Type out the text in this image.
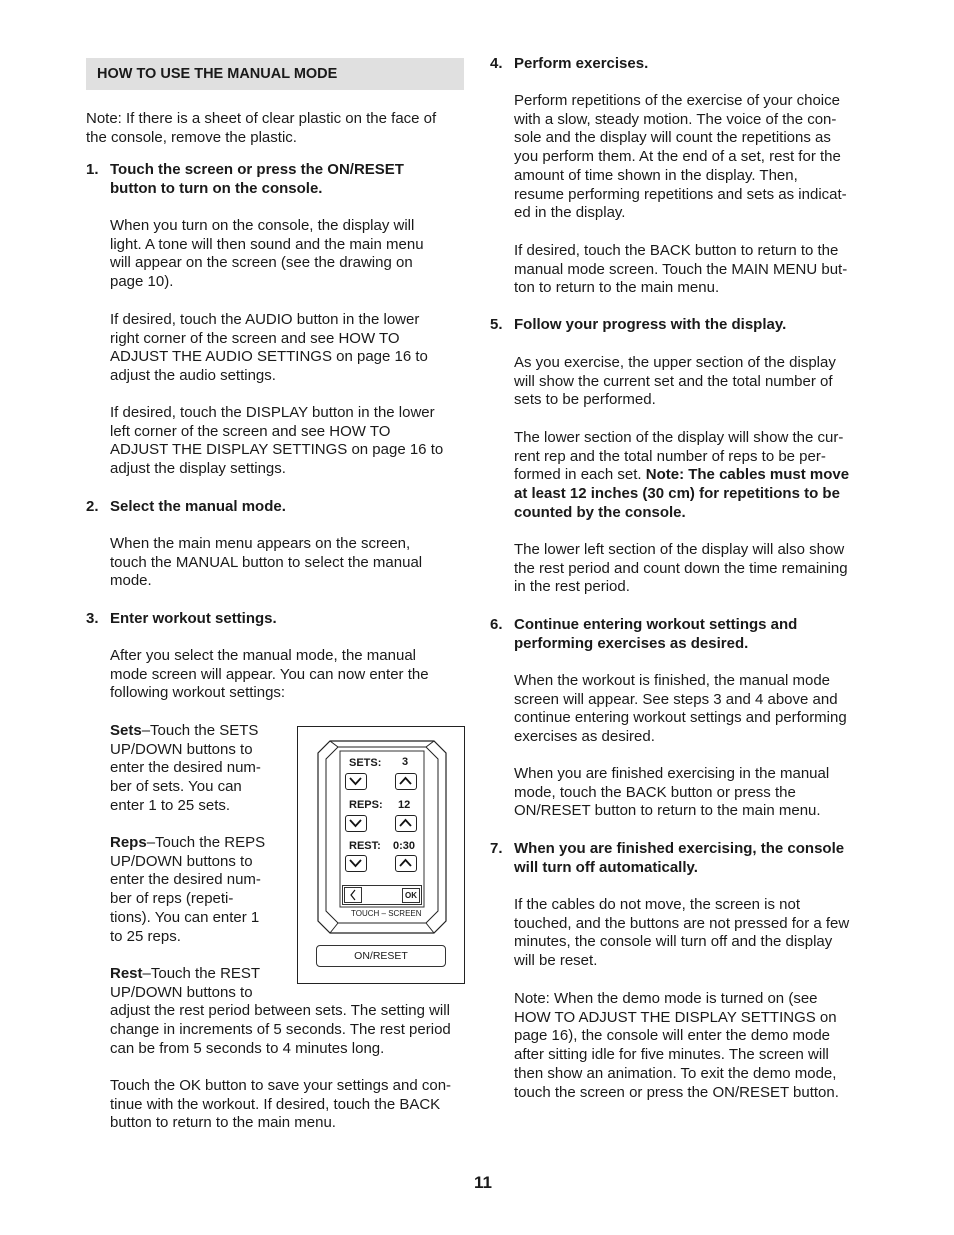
HOW TO USE THE MANUAL MODE

Note: If there is a sheet of clear plastic on the face of the console, remove the plastic.

1. Touch the screen or press the ON/RESET
button to turn on the console.
When you turn on the console, the display will
light. A tone will then sound and the main menu
will appear on the screen (see the drawing on
page 10).
If desired, touch the AUDIO button in the lower
right corner of the screen and see HOW TO
ADJUST THE AUDIO SETTINGS on page 16 to
adjust the audio settings.
If desired, touch the DISPLAY button in the lower
left corner of the screen and see HOW TO
ADJUST THE DISPLAY SETTINGS on page 16 to
adjust the display settings.
2. Select the manual mode.
When the main menu appears on the screen,
touch the MANUAL button to select the manual
mode.
3. Enter workout settings.
After you select the manual mode, the manual
mode screen will appear. You can now enter the
following workout settings:
Sets–Touch the SETS
UP/DOWN buttons to
enter the desired num-
ber of sets. You can
enter 1 to 25 sets.
Reps–Touch the REPS
UP/DOWN buttons to
enter the desired num-
ber of reps (repeti-
tions). You can enter 1
to 25 reps.
Rest–Touch the REST
UP/DOWN buttons to
adjust the rest period between sets. The setting will
change in increments of 5 seconds. The rest period
can be from 5 seconds to 4 minutes long.
Touch the OK button to save your settings and con-
tinue with the workout. If desired, touch the BACK
button to return to the main menu.
SETS: 3
REPS: 12
REST: 0:30
OK
TOUCH – SCREEN
ON/RESET
4. Perform exercises.
Perform repetitions of the exercise of your choice
with a slow, steady motion. The voice of the con-
sole and the display will count the repetitions as
you perform them. At the end of a set, rest for the
amount of time shown in the display. Then,
resume performing repetitions and sets as indicat-
ed in the display.
If desired, touch the BACK button to return to the
manual mode screen. Touch the MAIN MENU but-
ton to return to the main menu.
5. Follow your progress with the display.
As you exercise, the upper section of the display
will show the current set and the total number of
sets to be performed.
The lower section of the display will show the cur-
rent rep and the total number of reps to be per-
formed in each set. Note: The cables must move
at least 12 inches (30 cm) for repetitions to be
counted by the console.
The lower left section of the display will also show
the rest period and count down the time remaining
in the rest period.
6. Continue entering workout settings and
performing exercises as desired.
When the workout is finished, the manual mode
screen will appear. See steps 3 and 4 above and
continue entering workout settings and performing
exercises as desired.
When you are finished exercising in the manual
mode, touch the BACK button or press the
ON/RESET button to return to the main menu.
7. When you are finished exercising, the console
will turn off automatically.
If the cables do not move, the screen is not
touched, and the buttons are not pressed for a few
minutes, the console will turn off and the display
will be reset.
Note: When the demo mode is turned on (see
HOW TO ADJUST THE DISPLAY SETTINGS on
page 16), the console will enter the demo mode
after sitting idle for five minutes. The screen will
then show an animation. To exit the demo mode,
touch the screen or press the ON/RESET button.
11
